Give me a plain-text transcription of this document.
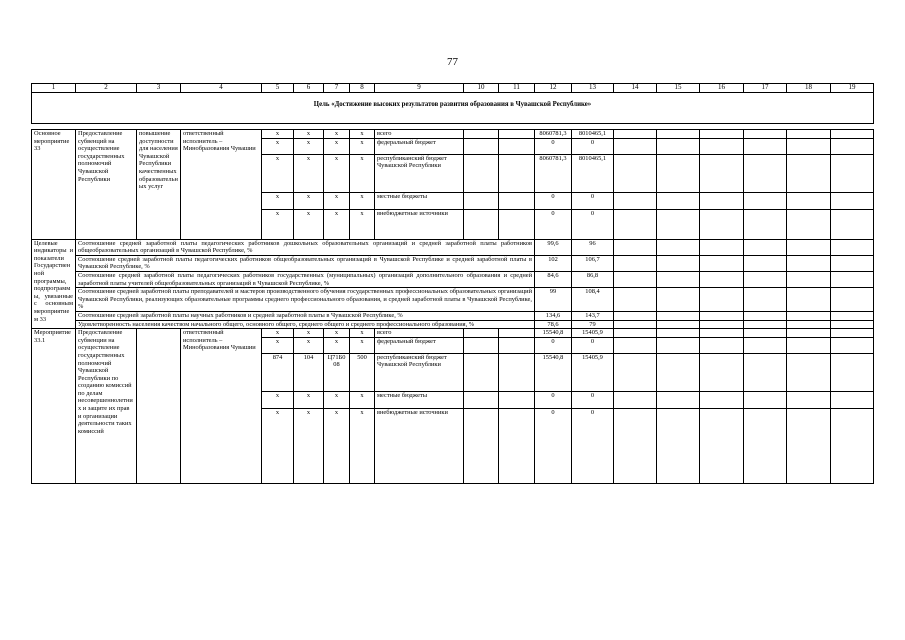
77
1	2	3	4	5	6	7	8	9	10	11	12	13	14	15	16	17	18	19
Цель «Достижение высоких результатов развития образования в Чувашской Республике»																		

Основное мероприятие 33	Предоставление субвенций на осуществление государственных полномочий Чувашской Республики	повышение доступности для населения Чувашской Республики качественных образовательных услуг	ответственный исполнитель – Минобразования Чувашии	x	x	x	x	всего			8060781,3	8010465,1						
				x	x	x	x	федеральный бюджет			0	0						
				x	x	x	x	республиканский бюджет Чувашской Республики			8060781,3	8010465,1						
				x	x	x	x	местные бюджеты			0	0						
				x	x	x	x	внебюджетные источники			0	0						
Целевые индикаторы и показатели Государственной программы, подпрограммы, увязанные с основным мероприятием 33	Соотношение средней заработной платы педагогических работников дошкольных образовательных организаций и средней заработной платы работников общеобразовательных организаций в Чувашской Республике, %										99,6	96						
	Соотношение средней заработной платы педагогических работников общеобразовательных организаций в Чувашской Республике и средней заработной платы в Чувашской Республике, %										102	106,7						
	Соотношение средней заработной платы педагогических работников государственных (муниципальных) организаций дополнительного образования и средней заработной платы учителей общеобразовательных организаций в Чувашской Республике, %										84,6	86,8						
	Соотношение средней заработной платы преподавателей и мастеров производственного обучения государственных профессиональных образовательных организаций Чувашской Республики, реализующих образовательные программы среднего профессионального образования, и средней заработной платы в Чувашской Республике, %										99	108,4						
	Соотношение средней заработной платы научных работников и средней заработной платы в Чувашской Республике, %										134,6	143,7						
	Удовлетворенность населения качеством начального общего, основного общего, среднего общего и среднего профессионального образования, %										78,6	79						
Мероприятие 33.1	Предоставление субвенции на осуществление государственных полномочий Чувашской Республики по созданию комиссий по делам несовершеннолетних и защите их прав и организации деятельности таких комиссий		ответственный исполнитель – Минобразования Чувашии	x	x	x	x	всего			15540,8	15405,9						
				x	x	x	x	федеральный бюджет			0	0						
				874	104	Ц71Б008	500	республиканский бюджет Чувашской Республики			15540,8	15405,9						
				x	x	x	x	местные бюджеты			0	0						
				x	x	x	x	внебюджетные источники			0	0						
